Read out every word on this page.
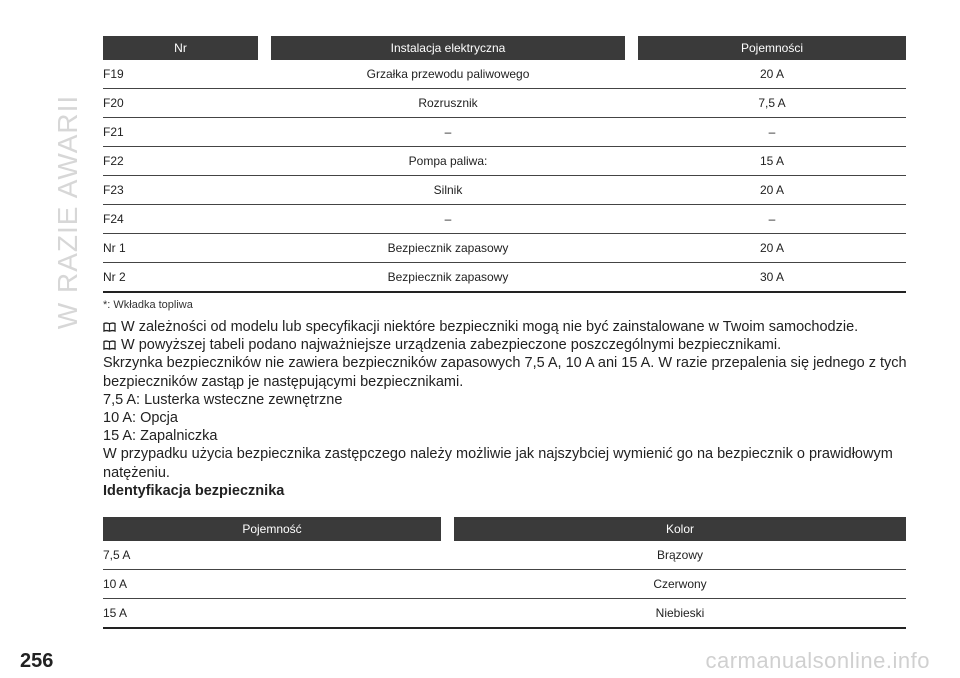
W RAZIE AWARII
Nr	Instalacja elektryczna	Pojemności
F19	Grzałka przewodu paliwowego	20 A
F20	Rozrusznik	7,5 A
F21	–	–
F22	Pompa paliwa:	15 A
F23	Silnik	20 A
F24	–	–
Nr 1	Bezpiecznik zapasowy	20 A
Nr 2	Bezpiecznik zapasowy	30 A
*: Wkładka topliwa

W zależności od modelu lub specyfikacji niektóre bezpieczniki mogą nie być zainstalowane w Twoim samochodzie.

W powyższej tabeli podano najważniejsze urządzenia zabezpieczone poszczególnymi bezpiecznikami.

Skrzynka bezpieczników nie zawiera bezpieczników zapasowych 7,5 A, 10 A ani 15 A. W razie przepalenia się jednego z tych bezpieczników zastąp je następującymi bezpiecznikami.

7,5 A: Lusterka wsteczne zewnętrzne

10 A: Opcja

15 A: Zapalniczka

W przypadku użycia bezpiecznika zastępczego należy możliwie jak najszybciej wymienić go na bezpiecznik o prawidłowym natężeniu.

Identyfikacja bezpiecznika

Pojemność	Kolor
7,5 A	Brązowy
10 A	Czerwony
15 A	Niebieski
256	carmanualsonline.info
